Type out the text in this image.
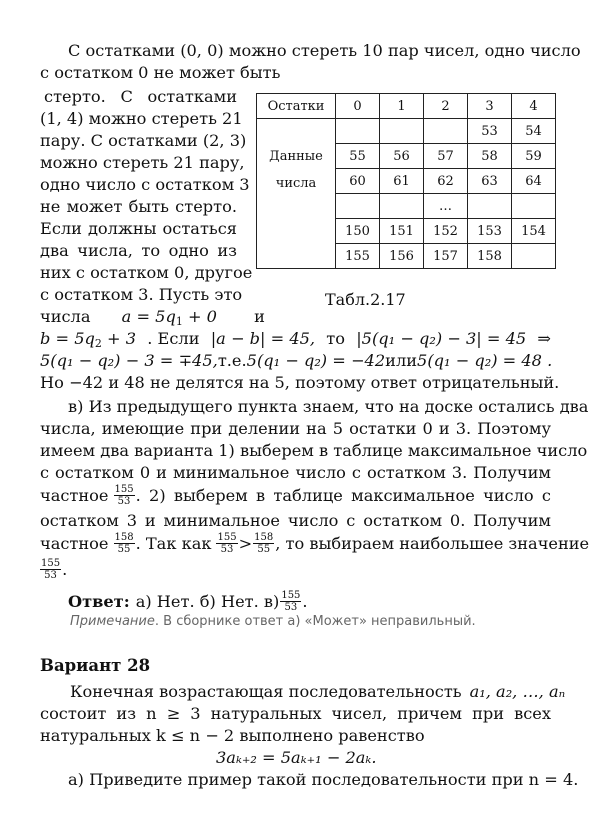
С остатками (0, 0) можно стереть 10 пар чисел, одно число
с остатком 0 не может быть
стерто. С остатками
(1, 4) можно стереть 21
пару. С остатками (2, 3)
можно стереть 21 пару,
одно число с остатком 3
не может быть стерто.
Если должны остаться
два числа, то одно из
них с остатком 0, другое
с остатком 3. Пусть это
Остатки	0	1	2	3	4
Данные
числа				53	54
	55	56	57	58	59
	60	61	62	63	64
			…		
	150	151	152	153	154
	155	156	157	158	
Табл.2.17
числа $a = 5q_1 + 0$ и
$b = 5q_2 + 3$ . Если |a − b| = 45, то |5(q₁ − q₂) − 3| = 45 ⇒
5(q₁ − q₂) − 3 = ∓45, т.е. 5(q₁ − q₂) = −42 или 5(q₁ − q₂) = 48 .
Но −42 и 48 не делятся на 5, поэтому ответ отрицательный.
в) Из предыдущего пункта знаем, что на доске остались два
числа, имеющие при делении на 5 остатки 0 и 3. Поэтому
имеем два варианта 1) выберем в таблице максимальное число
с остатком 0 и минимальное число с остатком 3. Получим
частное $\frac{155}{53}$ . 2) выберем в таблице максимальное число с
остатком 3 и минимальное число с остатком 0. Получим
частное $\frac{158}{55}$ . Так как $\frac{155}{53} > \frac{158}{55}$ , то выбираем наибольшее значение
$\frac{155}{53}$ .
Ответ: а) Нет. б) Нет. $в) \frac{155}{53}$ .
Примечание. В сборнике ответ а) «Может» неправильный.
Вариант 28
Конечная возрастающая последовательность a₁, a₂, …, aₙ
состоит из n ≥ 3 натуральных чисел, причем при всех
натуральных k ≤ n − 2 выполнено равенство
3aₖ₊₂ = 5aₖ₊₁ − 2aₖ.
а) Приведите пример такой последовательности при n = 4.
